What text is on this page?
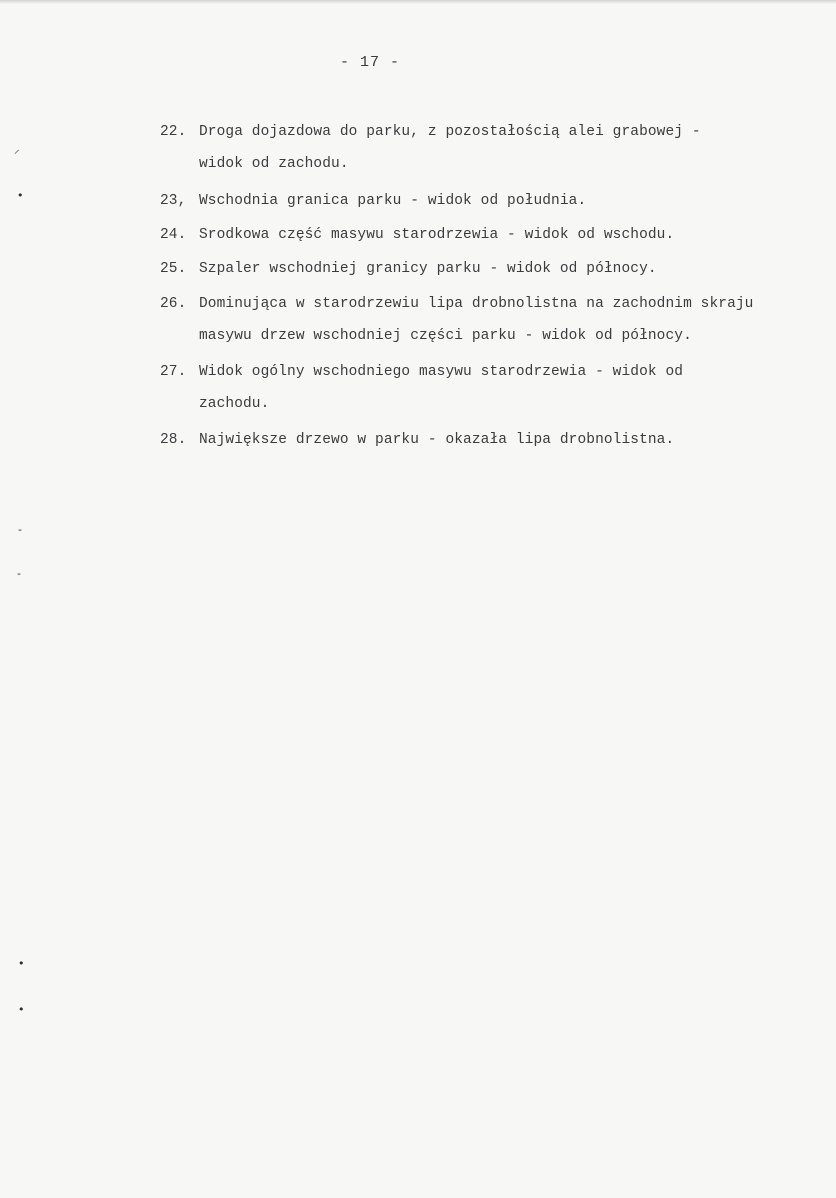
- 17 -
⸝
•
-
-
•
•
22. Droga dojazdowa do parku, z pozostałością alei grabowej -
widok od zachodu.
23, Wschodnia granica parku - widok od południa.
24. Srodkowa część masywu starodrzewia - widok od wschodu.
25. Szpaler wschodniej granicy parku - widok od północy.
26. Dominująca w starodrzewiu lipa drobnolistna na zachodnim skraju
masywu drzew wschodniej części parku - widok od północy.
27. Widok ogólny wschodniego masywu starodrzewia - widok od
zachodu.
28. Największe drzewo w parku - okazała lipa drobnolistna.
